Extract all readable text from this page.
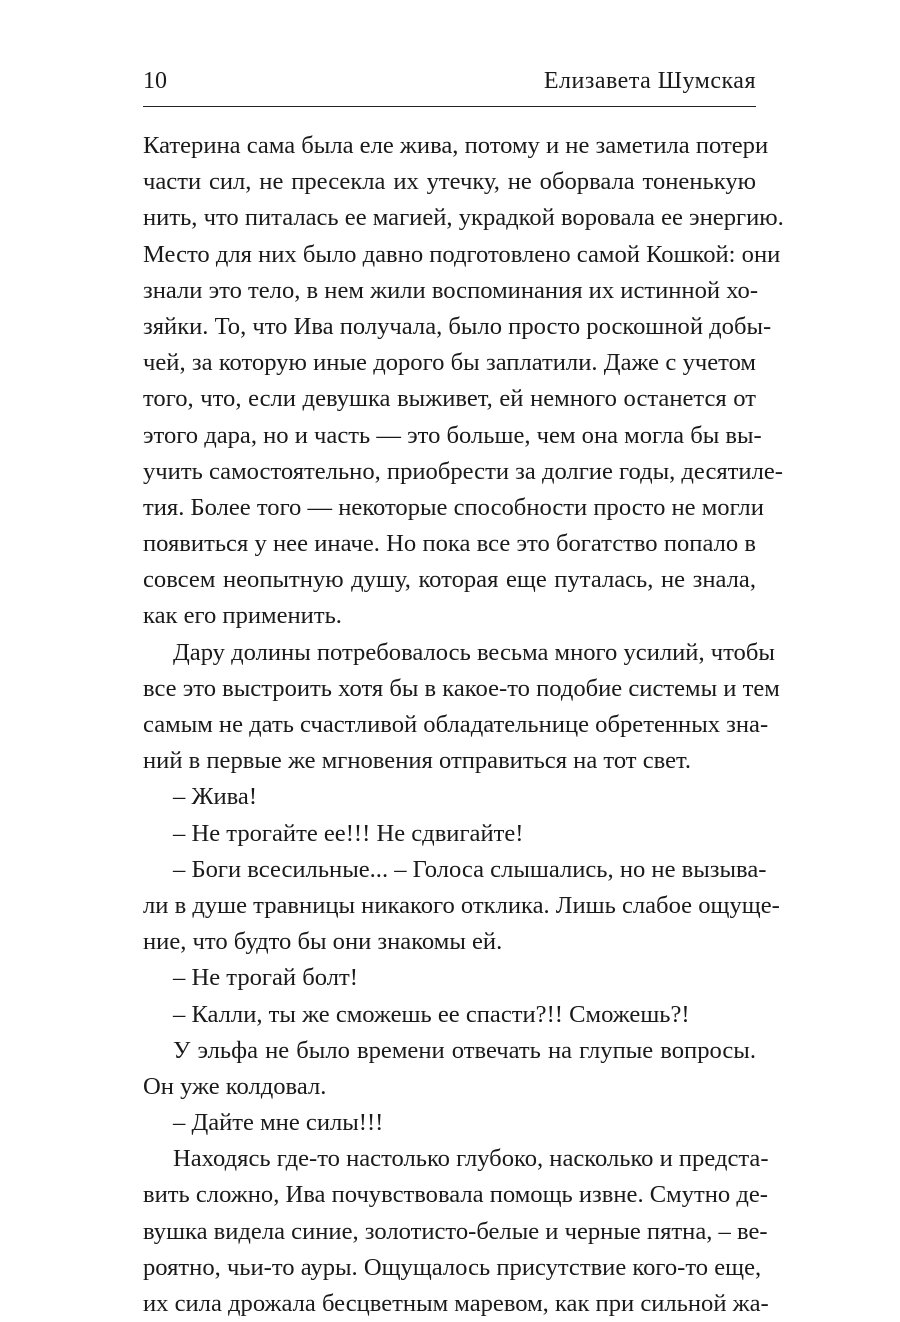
10	Елизавета Шумская
Катерина сама была еле жива, потому и не заметила потери
части сил, не пресекла их утечку, не оборвала тоненькую
нить, что питалась ее магией, украдкой воровала ее энергию.
Место для них было давно подготовлено самой Кошкой: они
знали это тело, в нем жили воспоминания их истинной хо-
зяйки. То, что Ива получала, было просто роскошной добы-
чей, за которую иные дорого бы заплатили. Даже с учетом
того, что, если девушка выживет, ей немного останется от
этого дара, но и часть — это больше, чем она могла бы вы-
учить самостоятельно, приобрести за долгие годы, десятиле-
тия. Более того — некоторые способности просто не могли
появиться у нее иначе. Но пока все это богатство попало в
совсем неопытную душу, которая еще путалась, не знала,
как его применить.
Дару долины потребовалось весьма много усилий, чтобы
все это выстроить хотя бы в какое-то подобие системы и тем
самым не дать счастливой обладательнице обретенных зна-
ний в первые же мгновения отправиться на тот свет.
– Жива!
– Не трогайте ее!!! Не сдвигайте!
– Боги всесильные... – Голоса слышались, но не вызыва-
ли в душе травницы никакого отклика. Лишь слабое ощуще-
ние, что будто бы они знакомы ей.
– Не трогай болт!
– Калли, ты же сможешь ее спасти?!! Сможешь?!
У эльфа не было времени отвечать на глупые вопросы.
Он уже колдовал.
– Дайте мне силы!!!
Находясь где-то настолько глубоко, насколько и предста-
вить сложно, Ива почувствовала помощь извне. Смутно де-
вушка видела синие, золотисто-белые и черные пятна, – ве-
роятно, чьи-то ауры. Ощущалось присутствие кого-то еще,
их сила дрожала бесцветным маревом, как при сильной жа-
